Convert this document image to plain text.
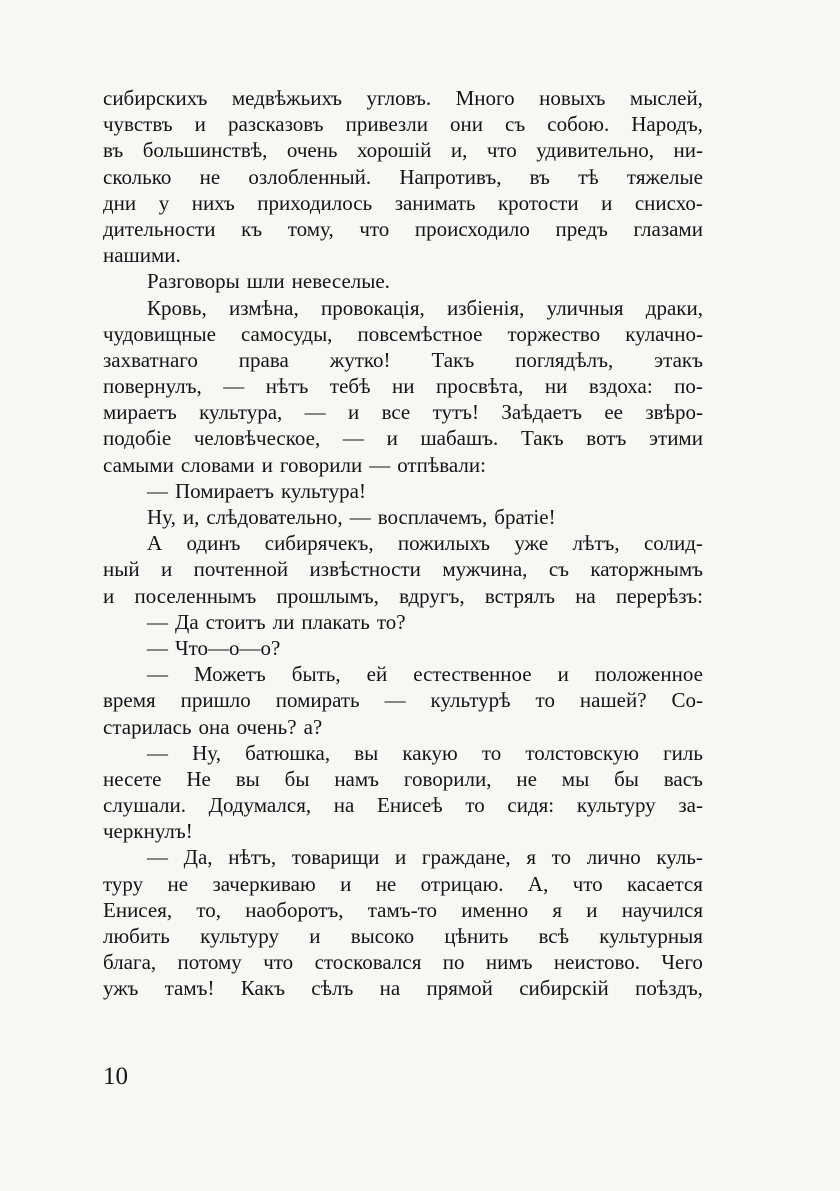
сибирскихъ медвѣжьихъ угловъ. Много новыхъ мыслей,
чувствъ и разсказовъ привезли они съ собою. Народъ,
въ большинствѣ, очень хорошій и, что удивительно, ни-
сколько не озлобленный. Напротивъ, въ тѣ тяжелые
дни у нихъ приходилось занимать кротости и снисхо-
дительности къ тому, что происходило предъ глазами
нашими.
Разговоры шли невеселые.
Кровь, измѣна, провокація, избіенія, уличныя драки,
чудовищные самосуды, повсемѣстное торжество кулачно-
захватнаго права жутко! Такъ поглядѣлъ, этакъ
повернулъ, — нѣтъ тебѣ ни просвѣта, ни вздоха: по-
мираетъ культура, — и все тутъ! Заѣдаетъ ее звѣро-
подобіе человѣческое, — и шабашъ. Такъ вотъ этими
самыми словами и говорили — отпѣвали:
— Помираетъ культура!
Ну, и, слѣдовательно, — восплачемъ, братіе!
А одинъ сибирячекъ, пожилыхъ уже лѣтъ, солид-
ный и почтенной извѣстности мужчина, съ каторжнымъ
и поселеннымъ прошлымъ, вдругъ, встрялъ на перерѣзъ:
— Да стоитъ ли плакать то?
— Что—о—о?
— Можетъ быть, ей естественное и положенное
время пришло помирать — культурѣ то нашей? Со-
старилась она очень? а?
— Ну, батюшка, вы какую то толстовскую гиль
несете Не вы бы намъ говорили, не мы бы васъ
слушали. Додумался, на Енисеѣ то сидя: культуру за-
черкнулъ!
— Да, нѣтъ, товарищи и граждане, я то лично куль-
туру не зачеркиваю и не отрицаю. А, что касается
Енисея, то, наоборотъ, тамъ-то именно я и научился
любить культуру и высоко цѣнить всѣ культурныя
блага, потому что стосковался по нимъ неистово. Чего
ужъ тамъ! Какъ сѣлъ на прямой сибирскій поѣздъ,
10
